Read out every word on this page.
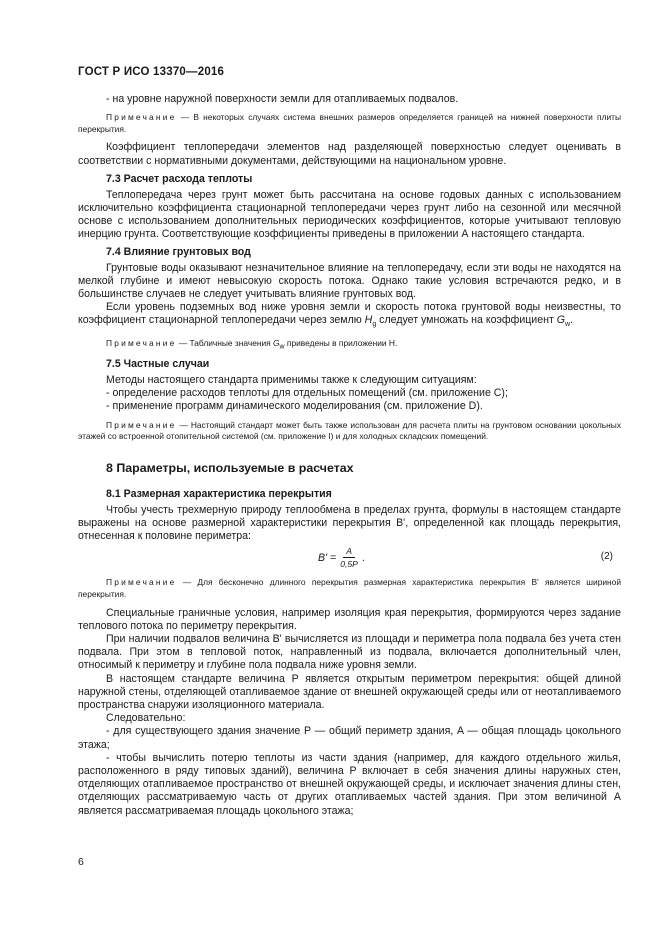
ГОСТ Р ИСО 13370—2016

- на уровне наружной поверхности земли для отапливаемых подвалов.

Примечание — В некоторых случаях система внешних размеров определяется границей на нижней поверхности плиты перекрытия.

Коэффициент теплопередачи элементов над разделяющей поверхностью следует оценивать в соответствии с нормативными документами, действующими на национальном уровне.

7.3 Расчет расхода теплоты

Теплопередача через грунт может быть рассчитана на основе годовых данных с использованием исключительно коэффициента стационарной теплопередачи через грунт либо на сезонной или месячной основе с использованием дополнительных периодических коэффициентов, которые учитывают тепловую инерцию грунта. Соответствующие коэффициенты приведены в приложении А настоящего стандарта.

7.4 Влияние грунтовых вод

Грунтовые воды оказывают незначительное влияние на теплопередачу, если эти воды не находятся на мелкой глубине и имеют невысокую скорость потока. Однако такие условия встречаются редко, и в большинстве случаев не следует учитывать влияние грунтовых вод.

Если уровень подземных вод ниже уровня земли и скорость потока грунтовой воды неизвестны, то коэффициент стационарной теплопередачи через землю $H_g$ следует умножать на коэффициент $G_w$.

Примечание — Табличные значения $G_w$ приведены в приложении Н.

7.5 Частные случаи

Методы настоящего стандарта применимы также к следующим ситуациям:

- определение расходов теплоты для отдельных помещений (см. приложение С);

- применение программ динамического моделирования (см. приложение D).

Примечание — Настоящий стандарт может быть также использован для расчета плиты на грунтовом основании цокольных этажей со встроенной отопительной системой (см. приложение I) и для холодных складских помещений.

8 Параметры, используемые в расчетах

8.1 Размерная характеристика перекрытия

Чтобы учесть трехмерную природу теплообмена в пределах грунта, формулы в настоящем стандарте выражены на основе размерной характеристики перекрытия B', определенной как площадь перекрытия, отнесенная к половине периметра:

$B' = \frac{A}{0,5P}$ .	(2)

Примечание — Для бесконечно длинного перекрытия размерная характеристика перекрытия B' является шириной перекрытия.

Специальные граничные условия, например изоляция края перекрытия, формируются через задание теплового потока по периметру перекрытия.

При наличии подвалов величина B' вычисляется из площади и периметра пола подвала без учета стен подвала. При этом в тепловой поток, направленный из подвала, включается дополнительный член, относимый к периметру и глубине пола подвала ниже уровня земли.

В настоящем стандарте величина P является открытым периметром перекрытия: общей длиной наружной стены, отделяющей отапливаемое здание от внешней окружающей среды или от неотапливаемого пространства снаружи изоляционного материала.

Следовательно:

- для существующего здания значение P — общий периметр здания, A — общая площадь цокольного этажа;

- чтобы вычислить потерю теплоты из части здания (например, для каждого отдельного жилья, расположенного в ряду типовых зданий), величина P включает в себя значения длины наружных стен, отделяющих отапливаемое пространство от внешней окружающей среды, и исключает значения длины стен, отделяющих рассматриваемую часть от других отапливаемых частей здания. При этом величиной A является рассматриваемая площадь цокольного этажа;

6
